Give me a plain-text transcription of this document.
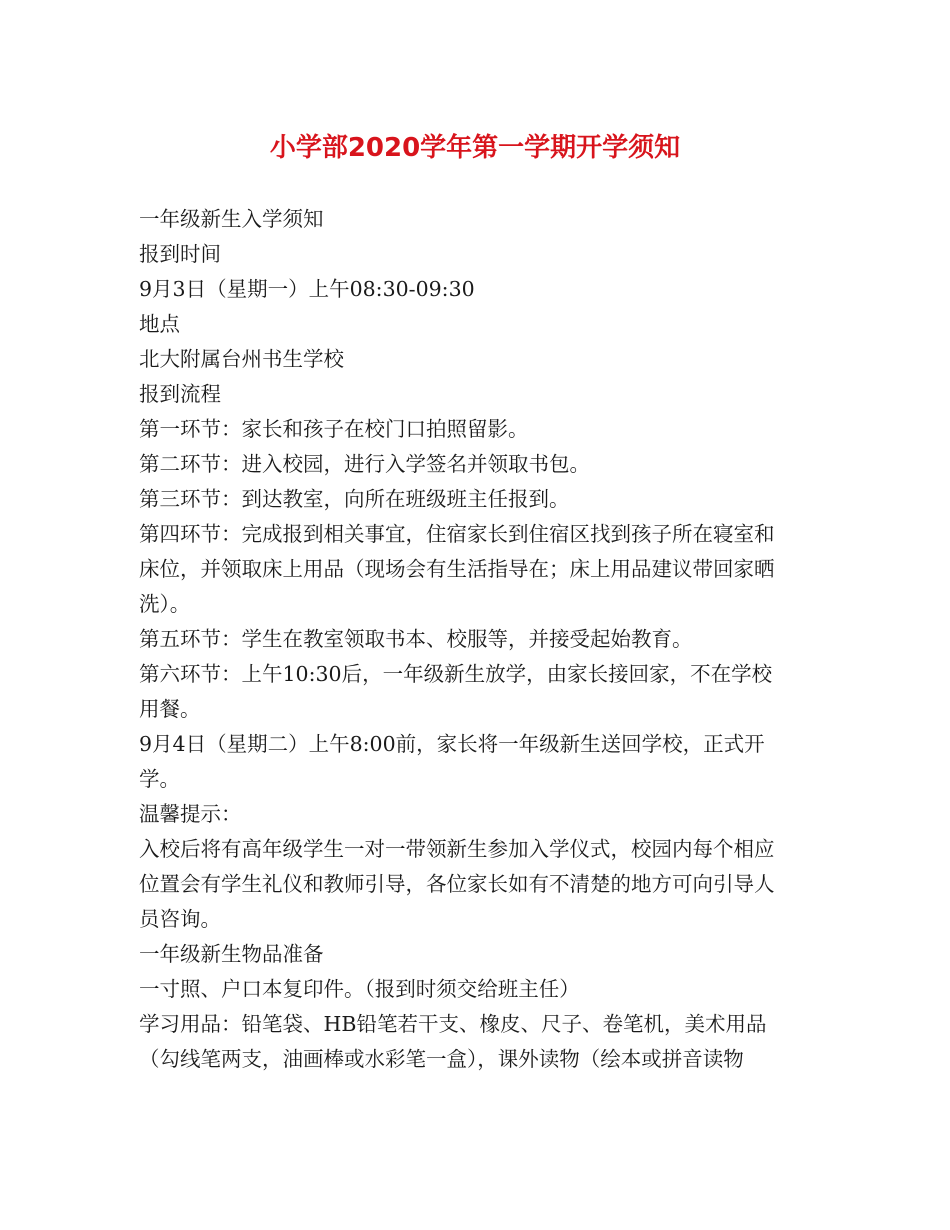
小学部2020学年第一学期开学须知
一年级新生入学须知
报到时间
9月3日（星期一）上午08:30-09:30
地点
北大附属台州书生学校
报到流程
第一环节：家长和孩子在校门口拍照留影。
第二环节：进入校园，进行入学签名并领取书包。
第三环节：到达教室，向所在班级班主任报到。
第四环节：完成报到相关事宜，住宿家长到住宿区找到孩子所在寝室和
床位，并领取床上用品（现场会有生活指导在；床上用品建议带回家晒
洗）。
第五环节：学生在教室领取书本、校服等，并接受起始教育。
第六环节：上午10:30后，一年级新生放学，由家长接回家，不在学校
用餐。
9月4日（星期二）上午8:00前，家长将一年级新生送回学校，正式开
学。
温馨提示：
入校后将有高年级学生一对一带领新生参加入学仪式，校园内每个相应
位置会有学生礼仪和教师引导，各位家长如有不清楚的地方可向引导人
员咨询。
一年级新生物品准备
一寸照、户口本复印件。（报到时须交给班主任）
学习用品：铅笔袋、HB铅笔若干支、橡皮、尺子、卷笔机，美术用品
（勾线笔两支，油画棒或水彩笔一盒），课外读物（绘本或拼音读物
